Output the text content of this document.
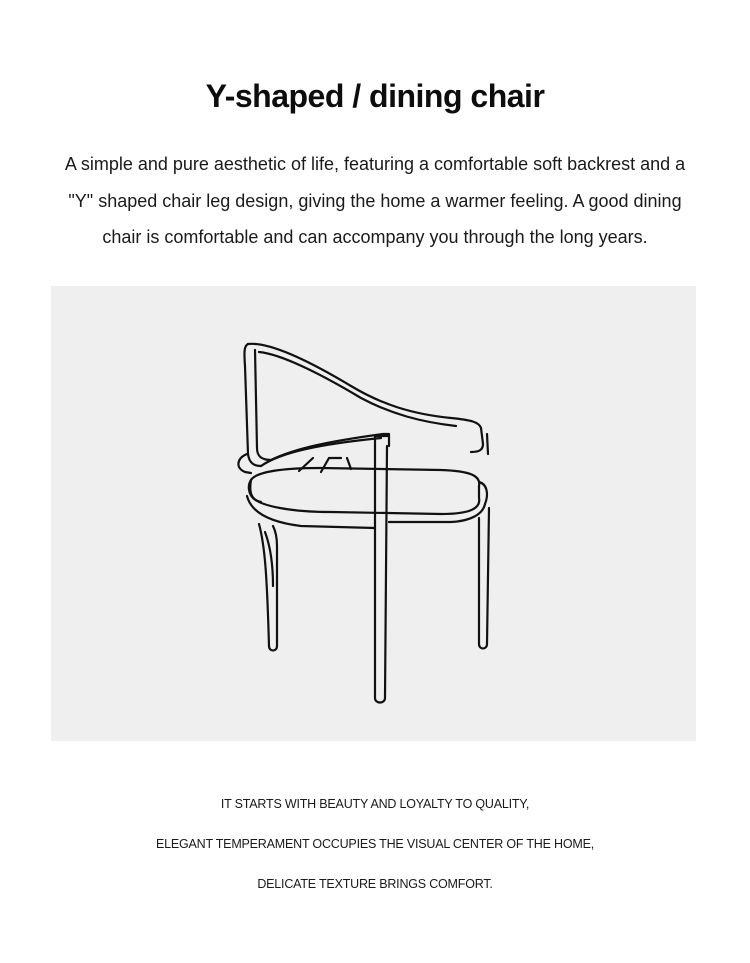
Y-shaped / dining chair
A simple and pure aesthetic of life, featuring a comfortable soft backrest and a
"Y" shaped chair leg design, giving the home a warmer feeling. A good dining
chair is comfortable and can accompany you through the long years.
IT STARTS WITH BEAUTY AND LOYALTY TO QUALITY,
ELEGANT TEMPERAMENT OCCUPIES THE VISUAL CENTER OF THE HOME,
DELICATE TEXTURE BRINGS COMFORT.
